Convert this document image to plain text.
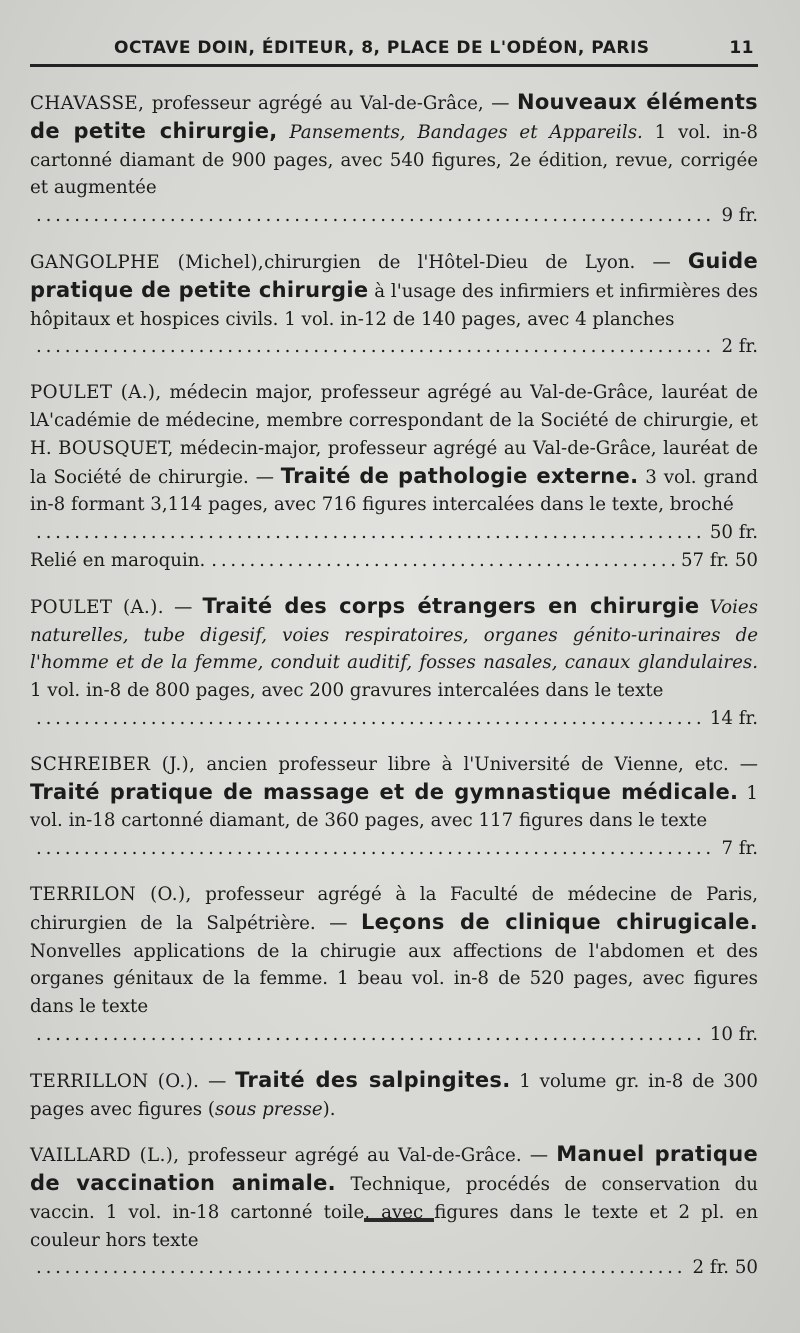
OCTAVE DOIN, ÉDITEUR, 8, PLACE DE L'ODÉON, PARIS	11

CHAVASSE, professeur agrégé au Val-de-Grâce, — Nouveaux éléments de petite chirurgie, Pansements, Bandages et Appareils. 1 vol. in-8 cartonné diamant de 900 pages, avec 540 figures, 2e édition, revue, corrigée et augmentée

. . .
9 fr.

GANGOLPHE (Michel),chirurgien de l'Hôtel-Dieu de Lyon. — Guide pratique de petite chirurgie à l'usage des infirmiers et infirmières des hôpitaux et hospices civils. 1 vol. in-12 de 140 pages, avec 4 planches

. . .
2 fr.

POULET (A.), médecin major, professeur agrégé au Val-de-Grâce, lauréat de lA'cadémie de médecine, membre correspondant de la Société de chirurgie, et H. BOUSQUET, médecin-major, professeur agrégé au Val-de-Grâce, lauréat de la Société de chirurgie. — Traité de pathologie externe. 3 vol. grand in-8 formant 3,114 pages, avec 716 figures intercalées dans le texte, broché

. . .
50 fr.
Relié en maroquin.
. . .	57 fr. 50

POULET (A.). — Traité des corps étrangers en chirurgie Voies naturelles, tube digesif, voies respiratoires, organes génito-urinaires de l'homme et de la femme, conduit auditif, fosses nasales, canaux glandulaires. 1 vol. in-8 de 800 pages, avec 200 gravures intercalées dans le texte

. . .
14 fr.

SCHREIBER (J.), ancien professeur libre à l'Université de Vienne, etc. — Traité pratique de massage et de gymnastique médicale. 1 vol. in-18 cartonné diamant, de 360 pages, avec 117 figures dans le texte

. . .
7 fr.

TERRILON (O.), professeur agrégé à la Faculté de médecine de Paris, chirurgien de la Salpétrière. — Leçons de clinique chirugicale. Nonvelles applications de la chirugie aux affections de l'abdomen et des organes génitaux de la femme. 1 beau vol. in-8 de 520 pages, avec figures dans le texte

. . .
10 fr.

TERRILLON (O.). — Traité des salpingites. 1 volume gr. in-8 de 300 pages avec figures (sous presse).

VAILLARD (L.), professeur agrégé au Val-de-Grâce. — Manuel pratique de vaccination animale. Technique, procédés de conservation du vaccin. 1 vol. in-18 cartonné toile, avec figures dans le texte et 2 pl. en couleur hors texte

. . .
2 fr. 50
